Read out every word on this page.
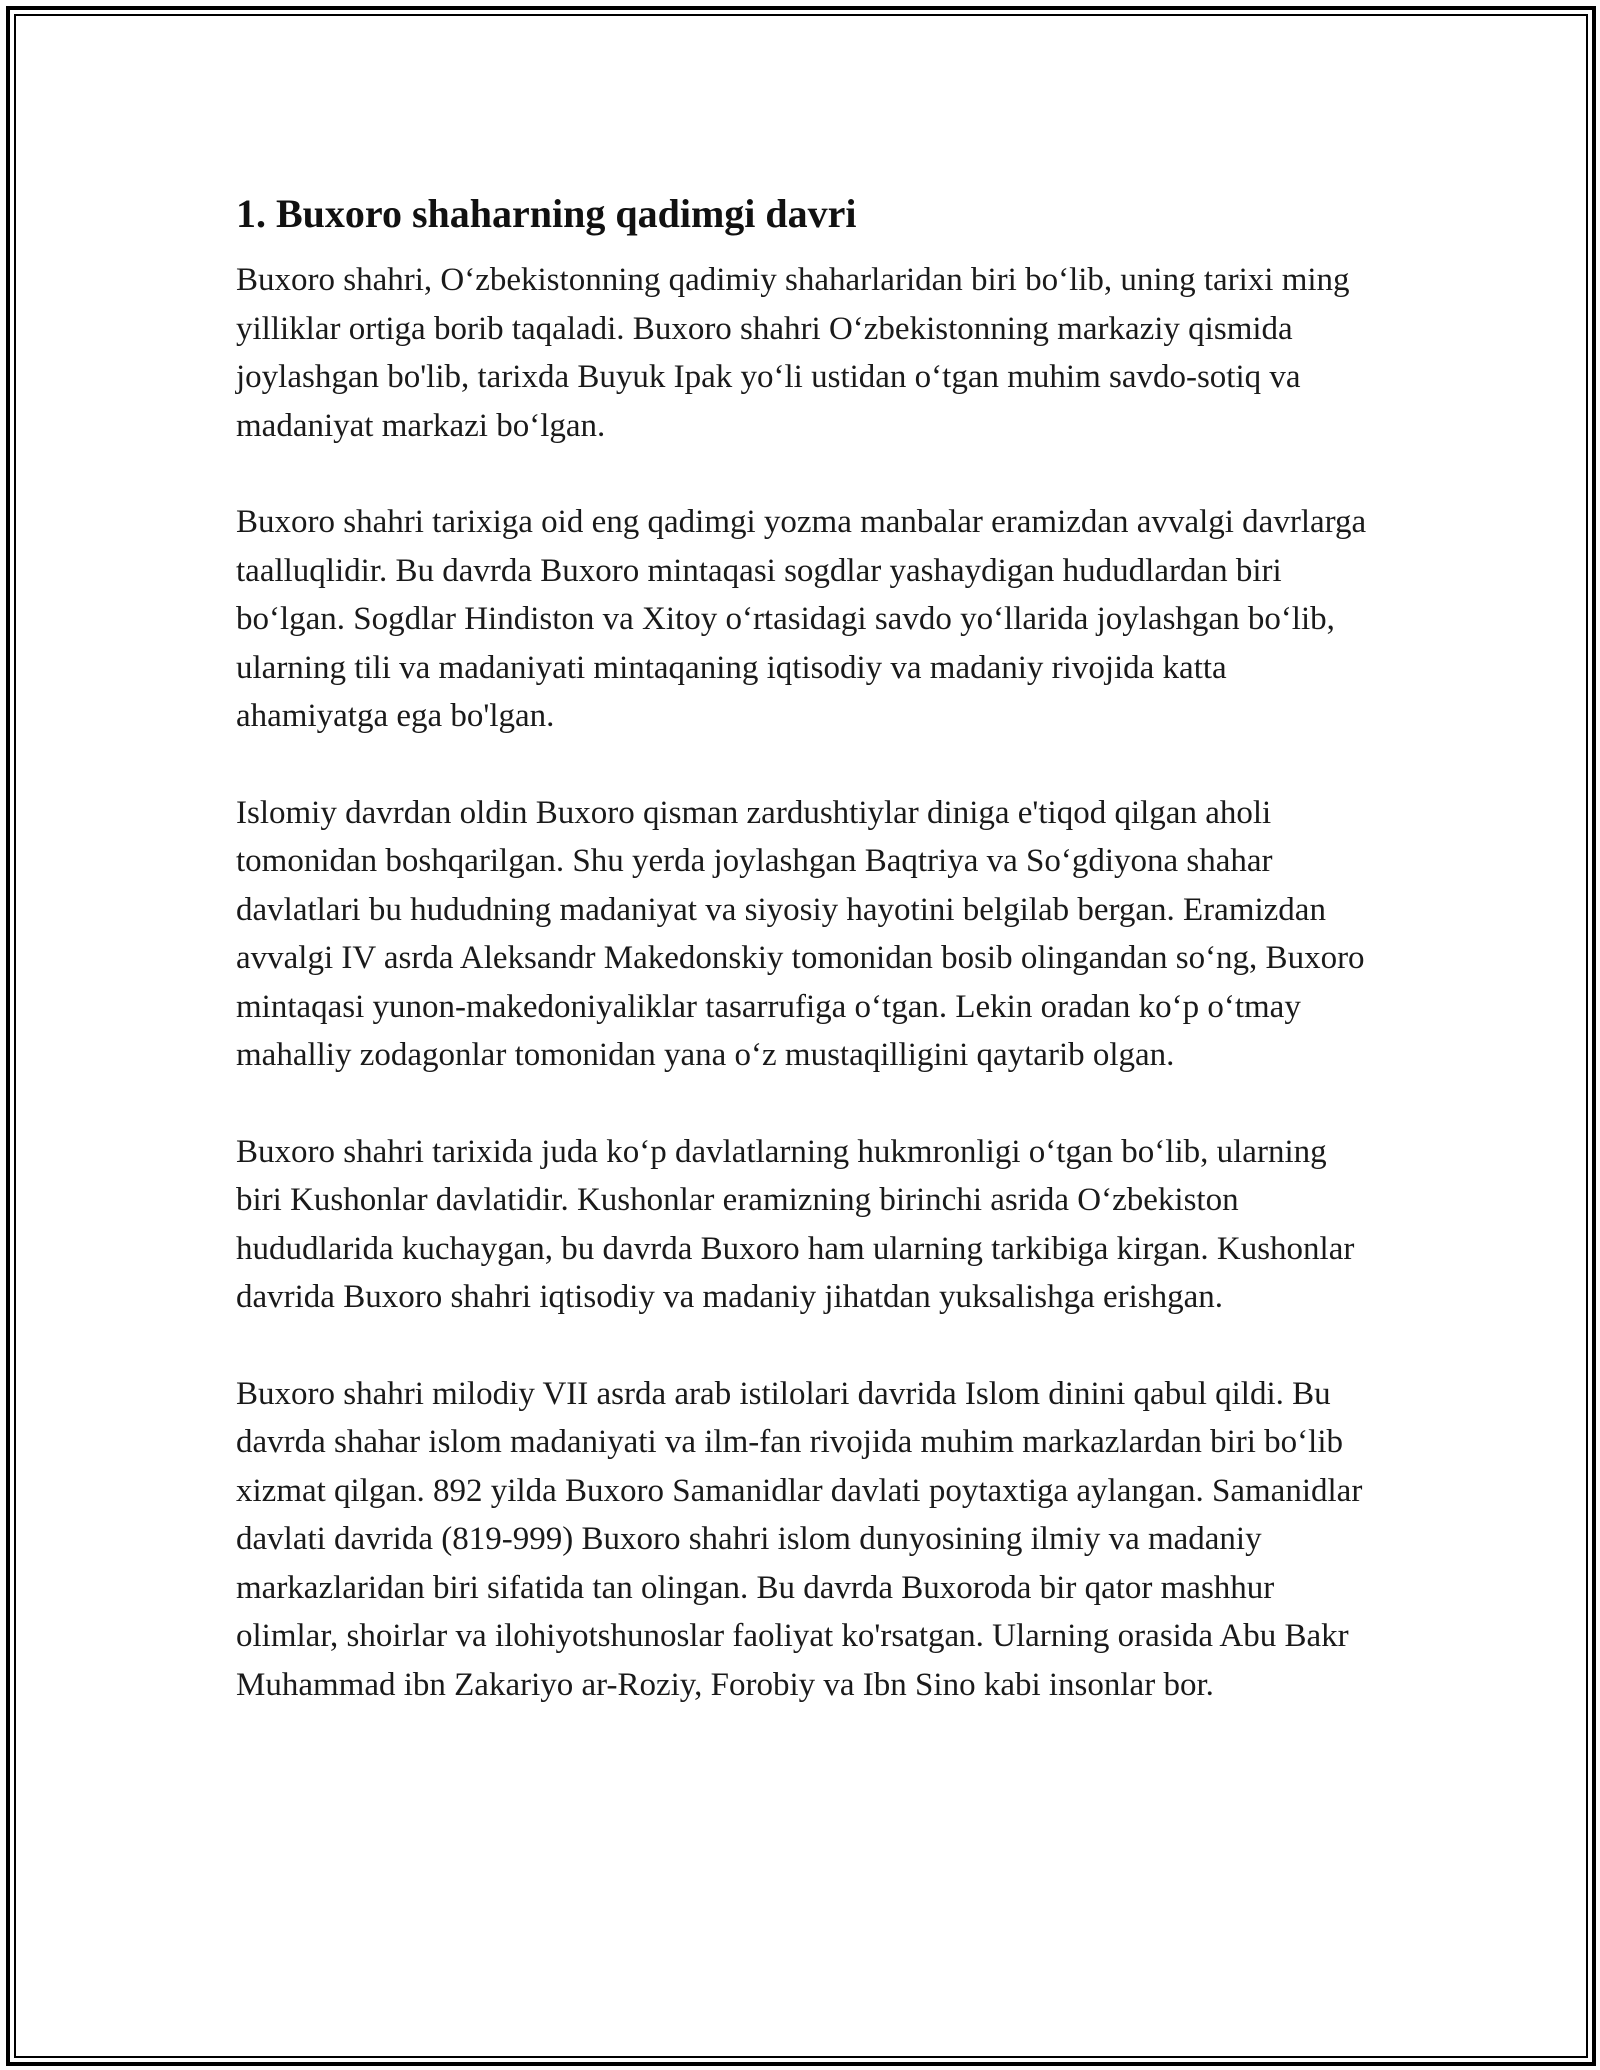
1. Buxoro shaharning qadimgi davri

Buxoro shahri, Oʻzbekistonning qadimiy shaharlaridan biri boʻlib, uning tarixi ming yilliklar ortiga borib taqaladi. Buxoro shahri Oʻzbekistonning markaziy qismida joylashgan bo'lib, tarixda Buyuk Ipak yoʻli ustidan oʻtgan muhim savdo-sotiq va madaniyat markazi boʻlgan.

Buxoro shahri tarixiga oid eng qadimgi yozma manbalar eramizdan avvalgi davrlarga taalluqlidir. Bu davrda Buxoro mintaqasi sogdlar yashaydigan hududlardan biri boʻlgan. Sogdlar Hindiston va Xitoy oʻrtasidagi savdo yoʻllarida joylashgan boʻlib, ularning tili va madaniyati mintaqaning iqtisodiy va madaniy rivojida katta ahamiyatga ega bo'lgan.

Islomiy davrdan oldin Buxoro qisman zardushtiylar diniga e'tiqod qilgan aholi tomonidan boshqarilgan. Shu yerda joylashgan Baqtriya va Soʻgdiyona shahar davlatlari bu hududning madaniyat va siyosiy hayotini belgilab bergan. Eramizdan avvalgi IV asrda Aleksandr Makedonskiy tomonidan bosib olingandan soʻng, Buxoro mintaqasi yunon-makedoniyaliklar tasarrufiga oʻtgan. Lekin oradan koʻp oʻtmay mahalliy zodagonlar tomonidan yana oʻz mustaqilligini qaytarib olgan.

Buxoro shahri tarixida juda koʻp davlatlarning hukmronligi oʻtgan boʻlib, ularning biri Kushonlar davlatidir. Kushonlar eramizning birinchi asrida Oʻzbekiston hududlarida kuchaygan, bu davrda Buxoro ham ularning tarkibiga kirgan. Kushonlar davrida Buxoro shahri iqtisodiy va madaniy jihatdan yuksalishga erishgan.

Buxoro shahri milodiy VII asrda arab istilolari davrida Islom dinini qabul qildi. Bu davrda shahar islom madaniyati va ilm-fan rivojida muhim markazlardan biri boʻlib xizmat qilgan. 892 yilda Buxoro Samanidlar davlati poytaxtiga aylangan. Samanidlar davlati davrida (819-999) Buxoro shahri islom dunyosining ilmiy va madaniy markazlaridan biri sifatida tan olingan. Bu davrda Buxoroda bir qator mashhur olimlar, shoirlar va ilohiyotshunoslar faoliyat ko'rsatgan. Ularning orasida Abu Bakr Muhammad ibn Zakariyo ar-Roziy, Forobiy va Ibn Sino kabi insonlar bor.
